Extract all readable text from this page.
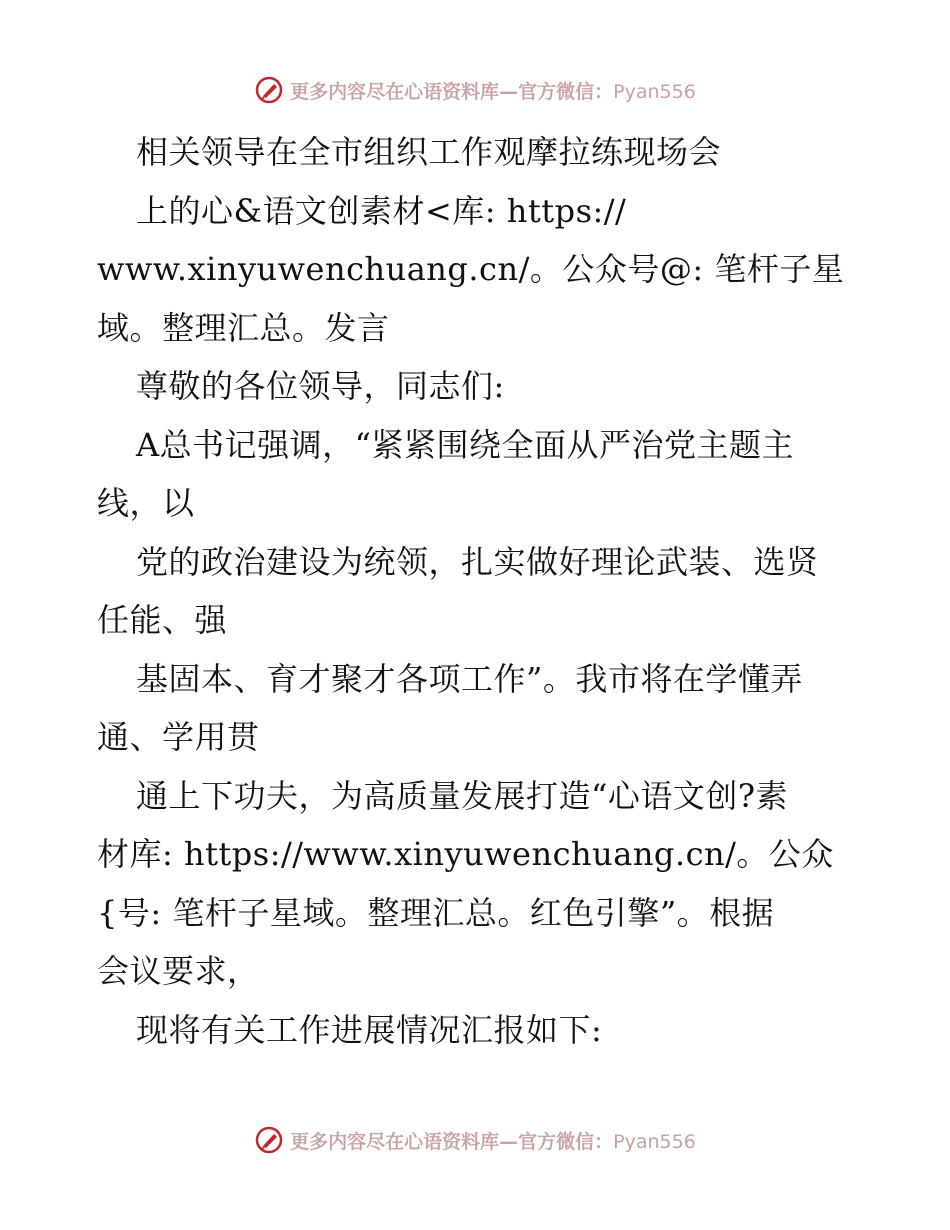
更多内容尽在心语资料库—官方微信：Pyan556
相关领导在全市组织工作观摩拉练现场会
上的心&语文创素材<库: https://
www.xinyuwenchuang.cn/。公众号@: 笔杆子星
域。整理汇总。发言
尊敬的各位领导，同志们:
A总书记强调，“紧紧围绕全面从严治党主题主
线，以
党的政治建设为统领，扎实做好理论武装、选贤
任能、强
基固本、育才聚才各项工作”。我市将在学懂弄
通、学用贯
通上下功夫，为高质量发展打造“心语文创?素
材库: https://www.xinyuwenchuang.cn/。公众
{号: 笔杆子星域。整理汇总。红色引擎”。根据
会议要求，
现将有关工作进展情况汇报如下:
更多内容尽在心语资料库—官方微信：Pyan556
